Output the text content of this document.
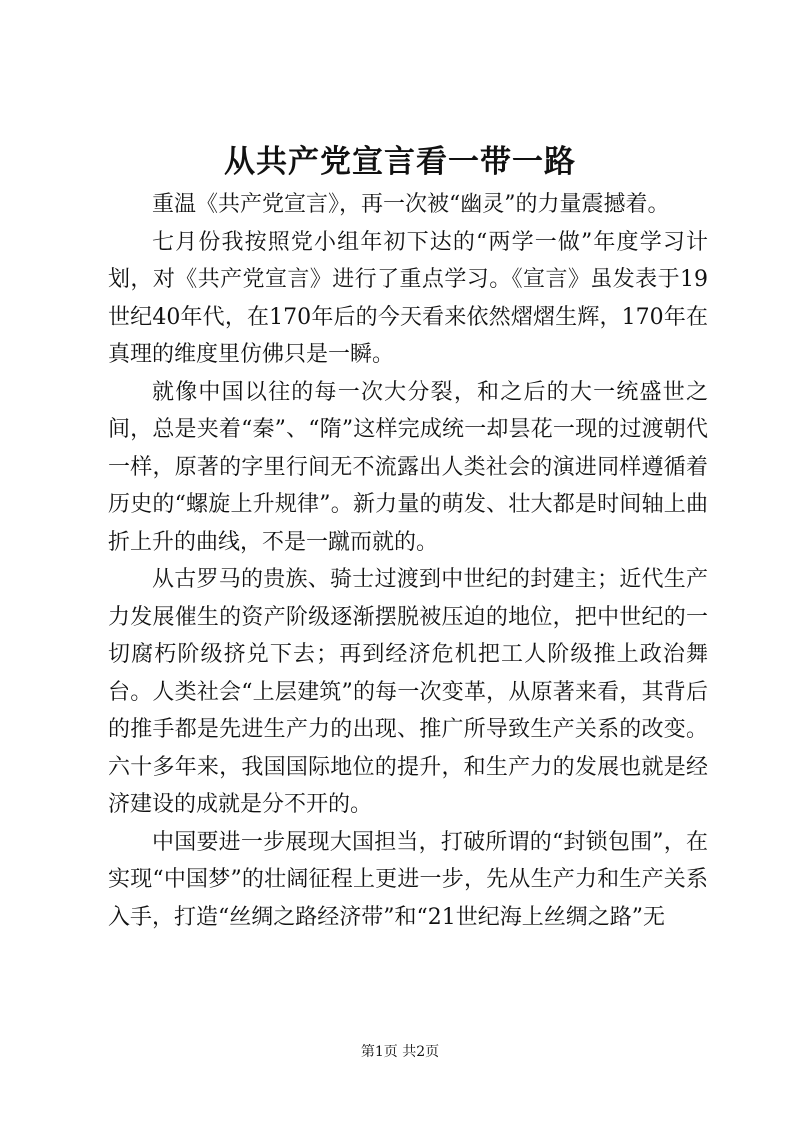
从共产党宣言看一带一路

重温《共产党宣言》，再一次被“幽灵”的力量震撼着。

七月份我按照党小组年初下达的“两学一做”年度学习计划，对《共产党宣言》进行了重点学习。《宣言》虽发表于19世纪40年代，在170年后的今天看来依然熠熠生辉，170年在真理的维度里仿佛只是一瞬。

就像中国以往的每一次大分裂，和之后的大一统盛世之间，总是夹着“秦”、“隋”这样完成统一却昙花一现的过渡朝代一样，原著的字里行间无不流露出人类社会的演进同样遵循着历史的“螺旋上升规律”。新力量的萌发、壮大都是时间轴上曲折上升的曲线，不是一蹴而就的。

从古罗马的贵族、骑士过渡到中世纪的封建主；近代生产力发展催生的资产阶级逐渐摆脱被压迫的地位，把中世纪的一切腐朽阶级挤兑下去；再到经济危机把工人阶级推上政治舞台。人类社会“上层建筑”的每一次变革，从原著来看，其背后的推手都是先进生产力的出现、推广所导致生产关系的改变。六十多年来，我国国际地位的提升，和生产力的发展也就是经济建设的成就是分不开的。

中国要进一步展现大国担当，打破所谓的“封锁包围”，在实现“中国梦”的壮阔征程上更进一步，先从生产力和生产关系入手，打造“丝绸之路经济带”和“21世纪海上丝绸之路”无

第1页 共2页
